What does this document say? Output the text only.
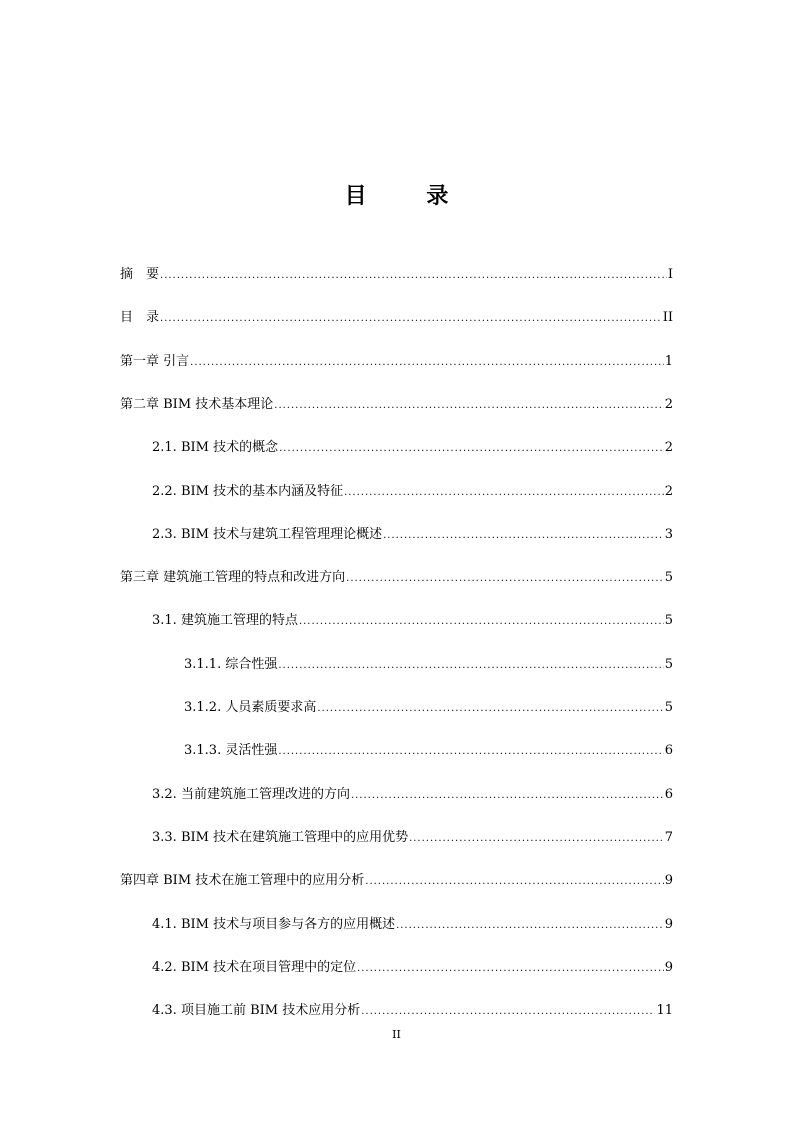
目 录
摘　要 .....	I
目　录 .....	II
第一章 引言 .....	1
第二章 BIM 技术基本理论 .....	2
2.1. BIM 技术的概念 .....	2
2.2. BIM 技术的基本内涵及特征 .....	2
2.3. BIM 技术与建筑工程管理理论概述 .....	3
第三章 建筑施工管理的特点和改进方向 .....	5
3.1. 建筑施工管理的特点 .....	5
3.1.1. 综合性强 .....	5
3.1.2. 人员素质要求高 .....	5
3.1.3. 灵活性强 .....	6
3.2. 当前建筑施工管理改进的方向 .....	6
3.3. BIM 技术在建筑施工管理中的应用优势 .....	7
第四章 BIM 技术在施工管理中的应用分析 .....	9
4.1. BIM 技术与项目参与各方的应用概述 .....	9
4.2. BIM 技术在项目管理中的定位 .....	9
4.3. 项目施工前 BIM 技术应用分析 .....	11
II
